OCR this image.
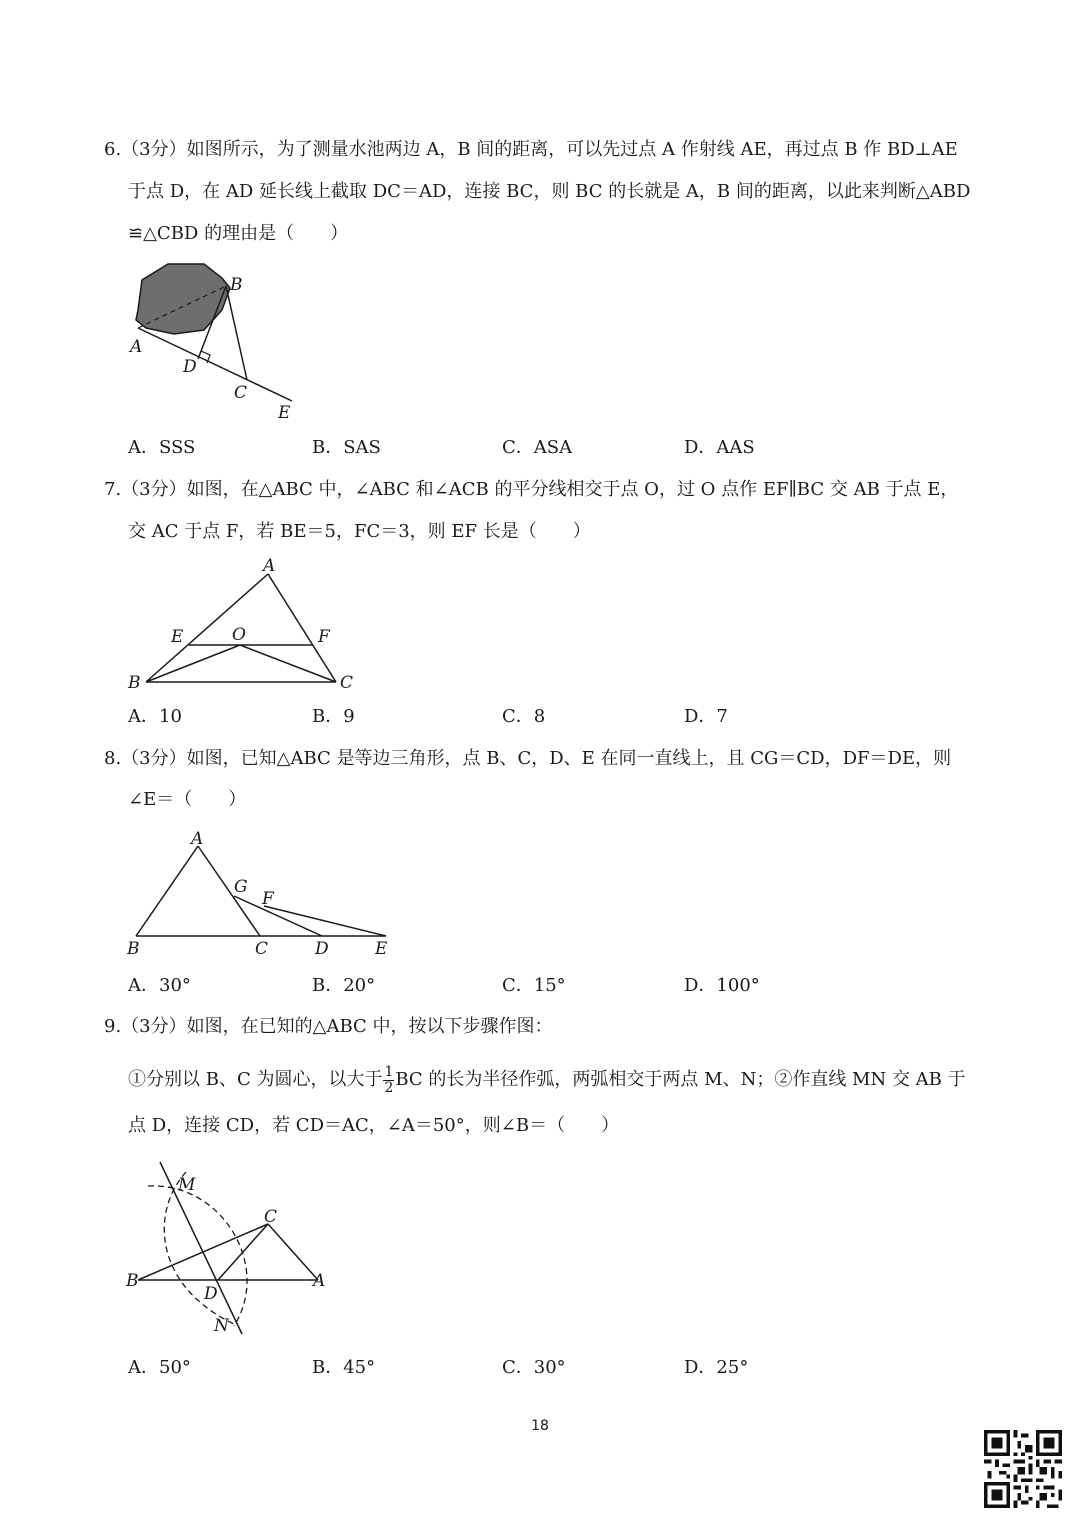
6.（3分）如图所示，为了测量水池两边 A，B 间的距离，可以先过点 A 作射线 AE，再过点 B 作 BD⊥AE
于点 D，在 AD 延长线上截取 DC＝AD，连接 BC，则 BC 的长就是 A，B 间的距离，以此来判断△ABD
≌△CBD 的理由是（　　）
B
A
D
C
E
A．SSS	B．SAS	C．ASA	D．AAS
7.（3分）如图，在△ABC 中，∠ABC 和∠ACB 的平分线相交于点 O，过 O 点作 EF∥BC 交 AB 于点 E，
交 AC 于点 F，若 BE＝5，FC＝3，则 EF 长是（　　）
A
E	O	F
B	C
A．10	B．9	C．8	D．7
8.（3分）如图，已知△ABC 是等边三角形，点 B、C，D、E 在同一直线上，且 CG＝CD，DF＝DE，则
∠E＝（　　）
A
G
F
B	C	D	E
A．30°	B．20°	C．15°	D．100°
9.（3分）如图，在已知的△ABC 中，按以下步骤作图：
①分别以 B、C 为圆心，以大于 $\frac{1}{2}$ BC 的长为半径作弧，两弧相交于两点 M、N；②作直线 MN 交 AB 于
点 D，连接 CD，若 CD＝AC，∠A＝50°，则∠B＝（　　）
M
C
B
D
A
N
A．50°	B．45°	C．30°	D．25°
18
